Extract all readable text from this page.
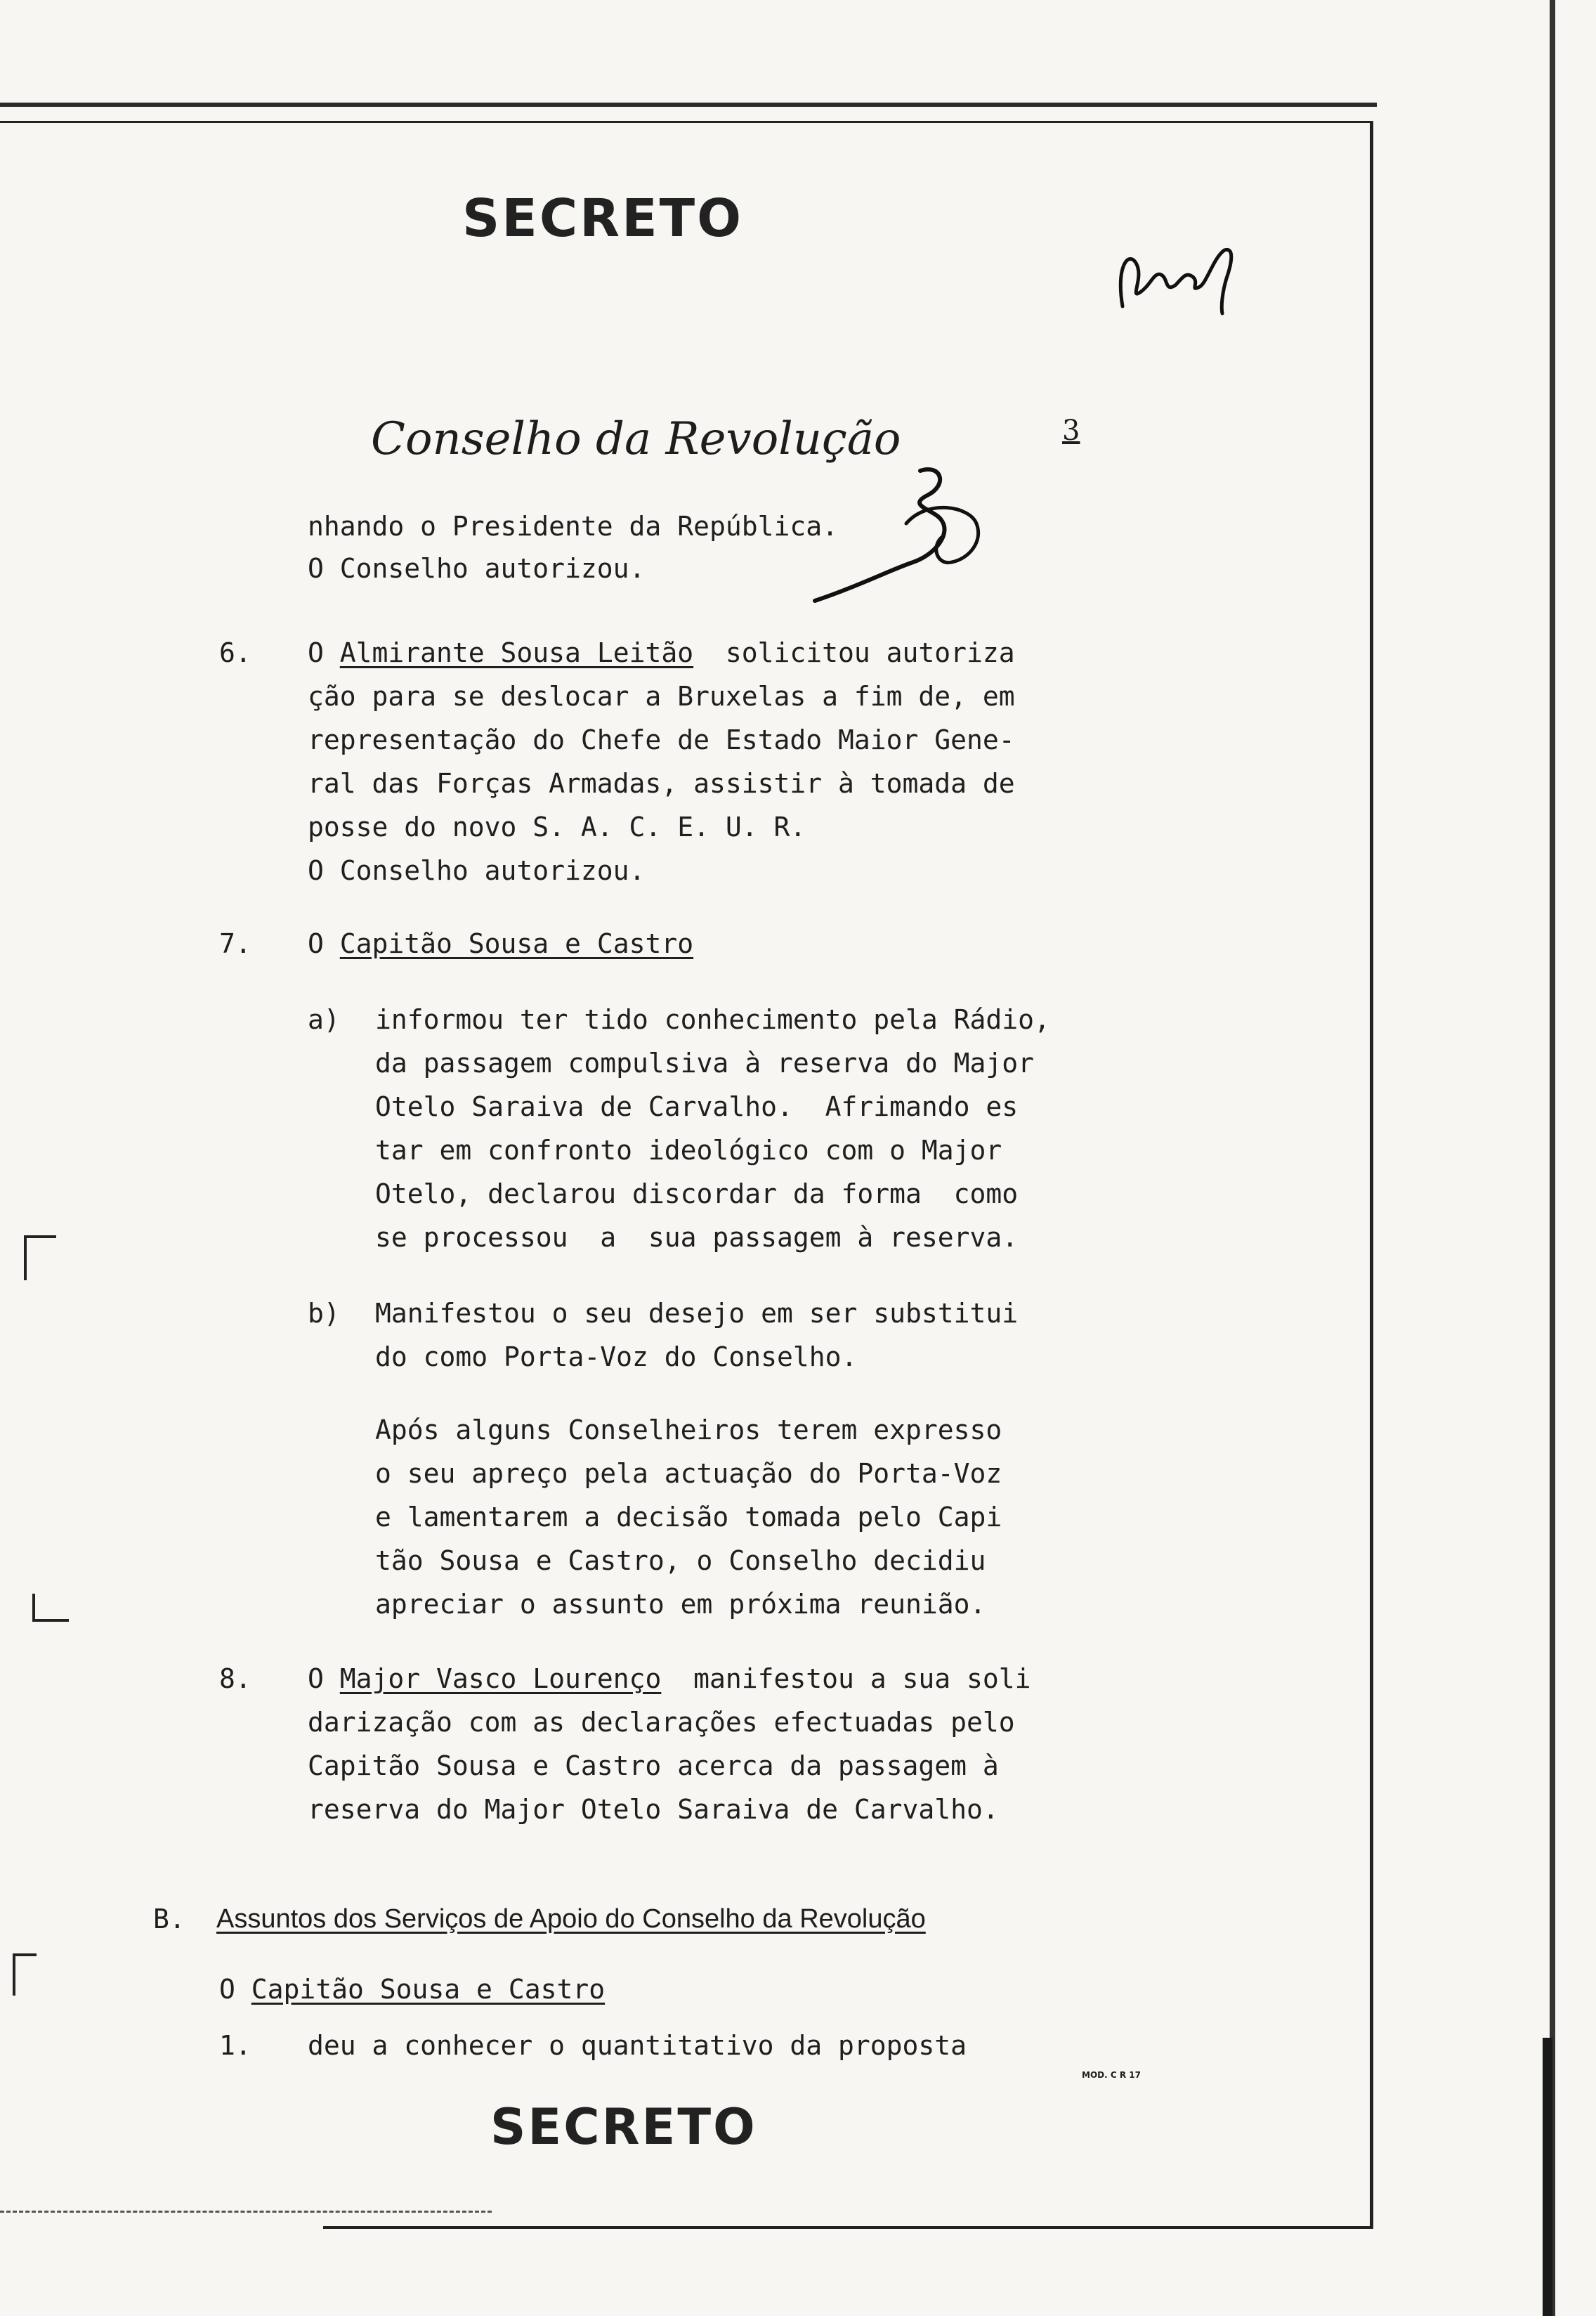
SECRETO
Conselho da Revolução	3
nhando o Presidente da República.
O Conselho autorizou.
6. O Almirante Sousa Leitão  solicitou autoriza
ção para se deslocar a Bruxelas a fim de, em
representação do Chefe de Estado Maior Gene-
ral das Forças Armadas, assistir à tomada de
posse do novo S. A. C. E. U. R.
O Conselho autorizou.
7. O Capitão Sousa e Castro
a) informou ter tido conhecimento pela Rádio,
da passagem compulsiva à reserva do Major
Otelo Saraiva de Carvalho.  Afrimando es
tar em confronto ideológico com o Major
Otelo, declarou discordar da forma  como
se processou  a  sua passagem à reserva.
b) Manifestou o seu desejo em ser substitui
do como Porta-Voz do Conselho.
Após alguns Conselheiros terem expresso
o seu apreço pela actuação do Porta-Voz
e lamentarem a decisão tomada pelo Capi
tão Sousa e Castro, o Conselho decidiu
apreciar o assunto em próxima reunião.
8. O Major Vasco Lourenço  manifestou a sua soli
darização com as declarações efectuadas pelo
Capitão Sousa e Castro acerca da passagem à
reserva do Major Otelo Saraiva de Carvalho.
B. Assuntos dos Serviços de Apoio do Conselho da Revolução
O Capitão Sousa e Castro
1. deu a conhecer o quantitativo da proposta
MOD. C R 17
SECRETO
